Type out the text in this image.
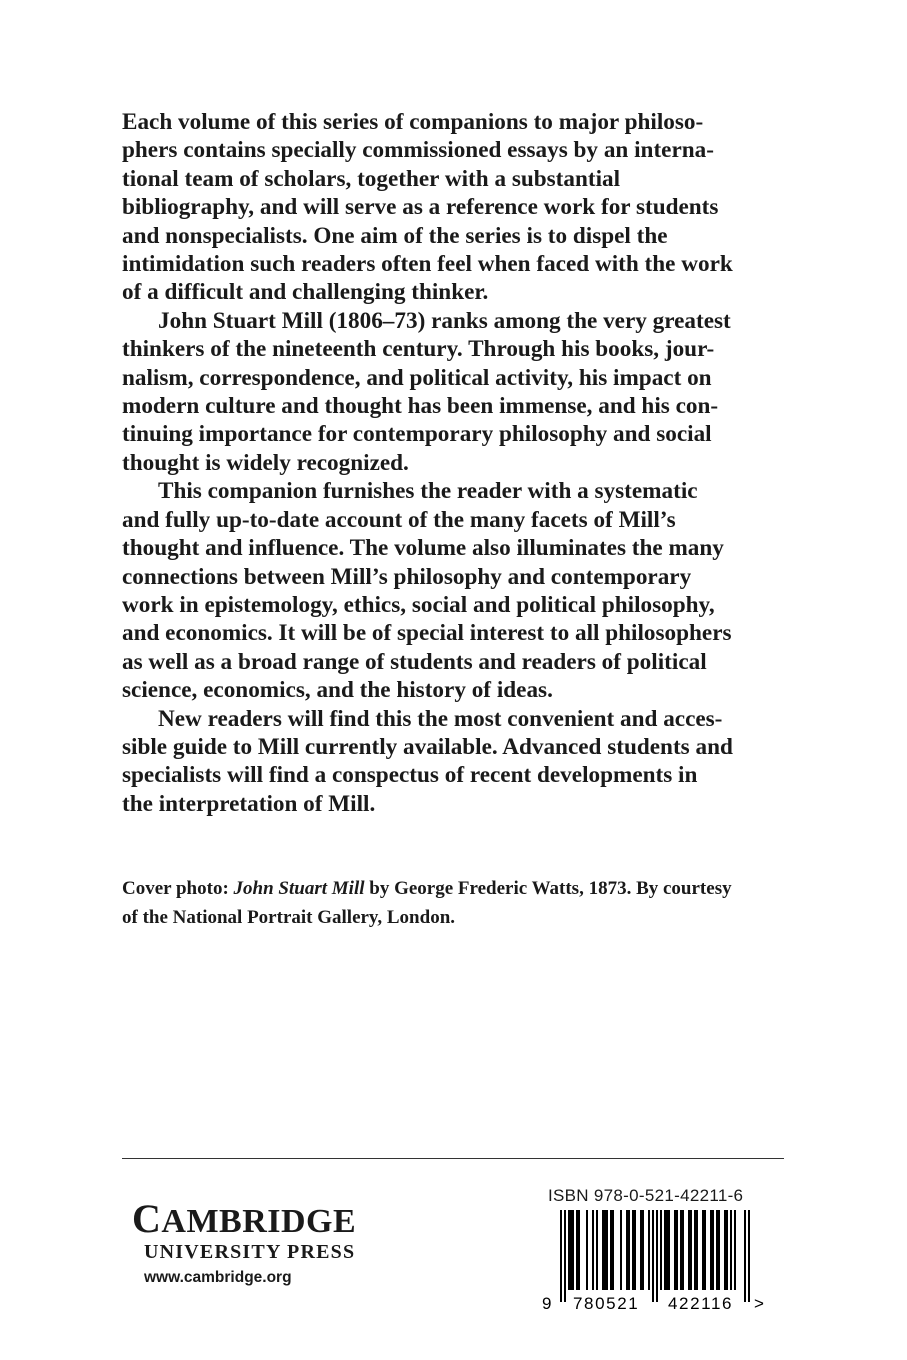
Each volume of this series of companions to major philoso-
phers contains specially commissioned essays by an interna-
tional team of scholars, together with a substantial
bibliography, and will serve as a reference work for students
and nonspecialists. One aim of the series is to dispel the
intimidation such readers often feel when faced with the work
of a difficult and challenging thinker.
John Stuart Mill (1806–73) ranks among the very greatest
thinkers of the nineteenth century. Through his books, jour-
nalism, correspondence, and political activity, his impact on
modern culture and thought has been immense, and his con-
tinuing importance for contemporary philosophy and social
thought is widely recognized.
This companion furnishes the reader with a systematic
and fully up-to-date account of the many facets of Mill’s
thought and influence. The volume also illuminates the many
connections between Mill’s philosophy and contemporary
work in epistemology, ethics, social and political philosophy,
and economics. It will be of special interest to all philosophers
as well as a broad range of students and readers of political
science, economics, and the history of ideas.
New readers will find this the most convenient and acces-
sible guide to Mill currently available. Advanced students and
specialists will find a conspectus of recent developments in
the interpretation of Mill.
Cover photo: John Stuart Mill by George Frederic Watts, 1873. By courtesy
of the National Portrait Gallery, London.
CAMBRIDGE
UNIVERSITY PRESS
www.cambridge.org
ISBN 978-0-521-42211-6
9 780521 422116 >
